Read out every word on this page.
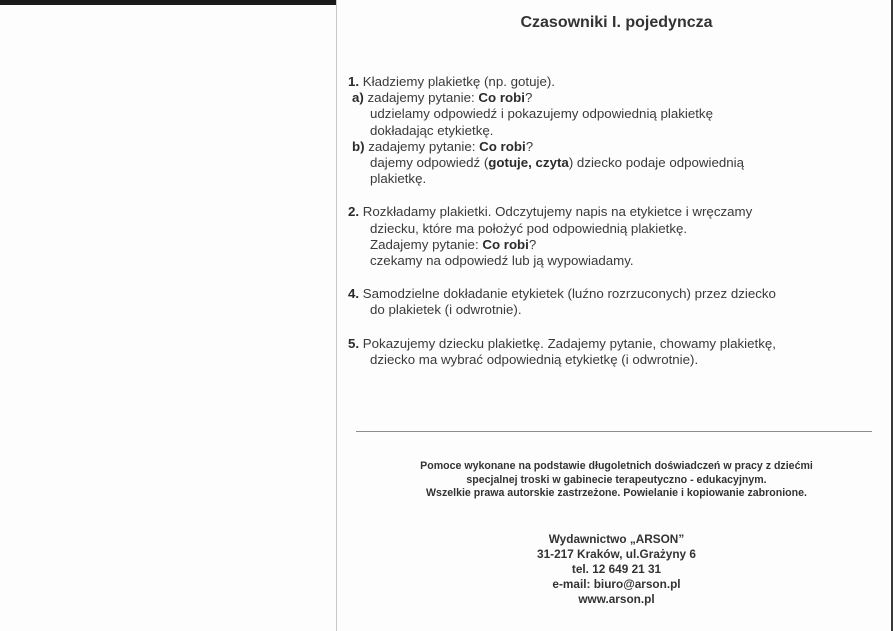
Czasowniki I. pojedyncza
1. Kładziemy plakietkę (np. gotuje).
a) zadajemy pytanie: Co robi?
udzielamy odpowiedź i pokazujemy odpowiednią plakietkę
dokładając etykietkę.
b) zadajemy pytanie: Co robi?
dajemy odpowiedź (gotuje, czyta) dziecko podaje odpowiednią
plakietkę.
2. Rozkładamy plakietki. Odczytujemy napis na etykietce i wręczamy
dziecku, które ma położyć pod odpowiednią plakietkę.
Zadajemy pytanie: Co robi?
czekamy na odpowiedź lub ją wypowiadamy.
4. Samodzielne dokładanie etykietek (luźno rozrzuconych) przez dziecko
do plakietek (i odwrotnie).
5. Pokazujemy dziecku plakietkę. Zadajemy pytanie, chowamy plakietkę,
dziecko ma wybrać odpowiednią etykietkę (i odwrotnie).
Pomoce wykonane na podstawie długoletnich doświadczeń w pracy z dziećmi
specjalnej troski w gabinecie terapeutyczno - edukacyjnym.
Wszelkie prawa autorskie zastrzeżone. Powielanie i kopiowanie zabronione.
Wydawnictwo „ARSON”
31-217 Kraków, ul.Grażyny 6
tel. 12 649 21 31
e-mail: biuro@arson.pl
www.arson.pl
